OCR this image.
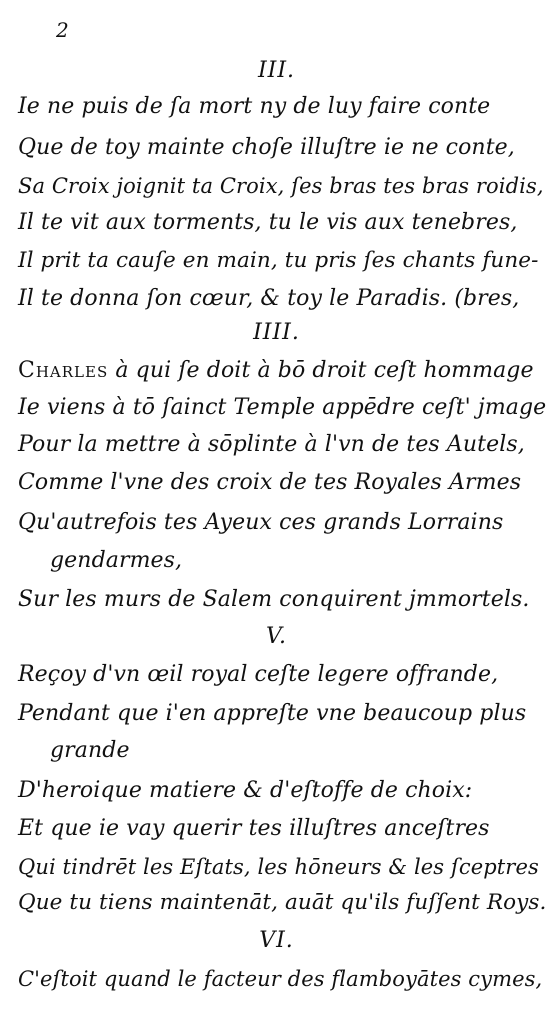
2
III.
Ie ne puis de ſa mort ny de luy faire conte
Que de toy mainte choſe illuſtre ie ne conte,
Sa Croix joignit ta Croix, ſes bras tes bras roidis,
Il te vit aux torments, tu le vis aux tenebres,
Il prit ta cauſe en main, tu pris ſes chants fune-
Il te donna ſon cœur, & toy le Paradis. (bres,
IIII.
Charles à qui ſe doit à bō droit ceſt hommage
Ie viens à tō ſainct Temple appēdre ceſt' jmage
Pour la mettre à sōplinte à l'vn de tes Autels,
Comme l'vne des croix de tes Royales Armes
Qu'autrefois tes Ayeux ces grands Lorrains
gendarmes,
Sur les murs de Salem conquirent jmmortels.
V.
Reçoy d'vn œil royal ceſte legere offrande,
Pendant que i'en appreſte vne beaucoup plus
grande
D'heroique matiere & d'eſtoffe de choix:
Et que ie vay querir tes illuſtres anceſtres
Qui tindrēt les Eſtats, les hōneurs & les ſceptres
Que tu tiens maintenāt, auāt qu'ils fuſſent Roys.
VI.
C'eſtoit quand le facteur des flamboyātes cymes,
